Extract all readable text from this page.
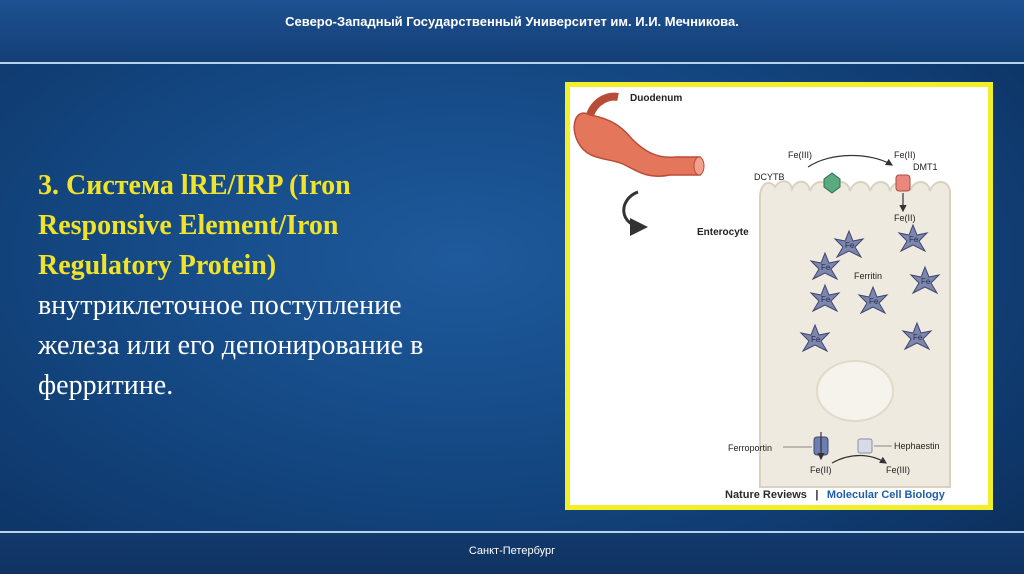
Северо-Западный Государственный Университет им. И.И. Мечникова.
3. Система lRE/IRP (Iron
Responsive Element/Iron
Regulatory Protein)
внутриклеточное поступление
железа или его депонирование в
ферритине.
Duodenum
Enterocyte
Fe(III)	Fe(II)
DCYTB
DMT1
Fe(II)
Ferritin
Fe
Fe
Fe
Fe
Fe	Fe
Fe	Fe
Ferroportin	Hephaestin
Fe(II)	Fe(III)
Nature Reviews | Molecular Cell Biology
Санкт-Петербург
